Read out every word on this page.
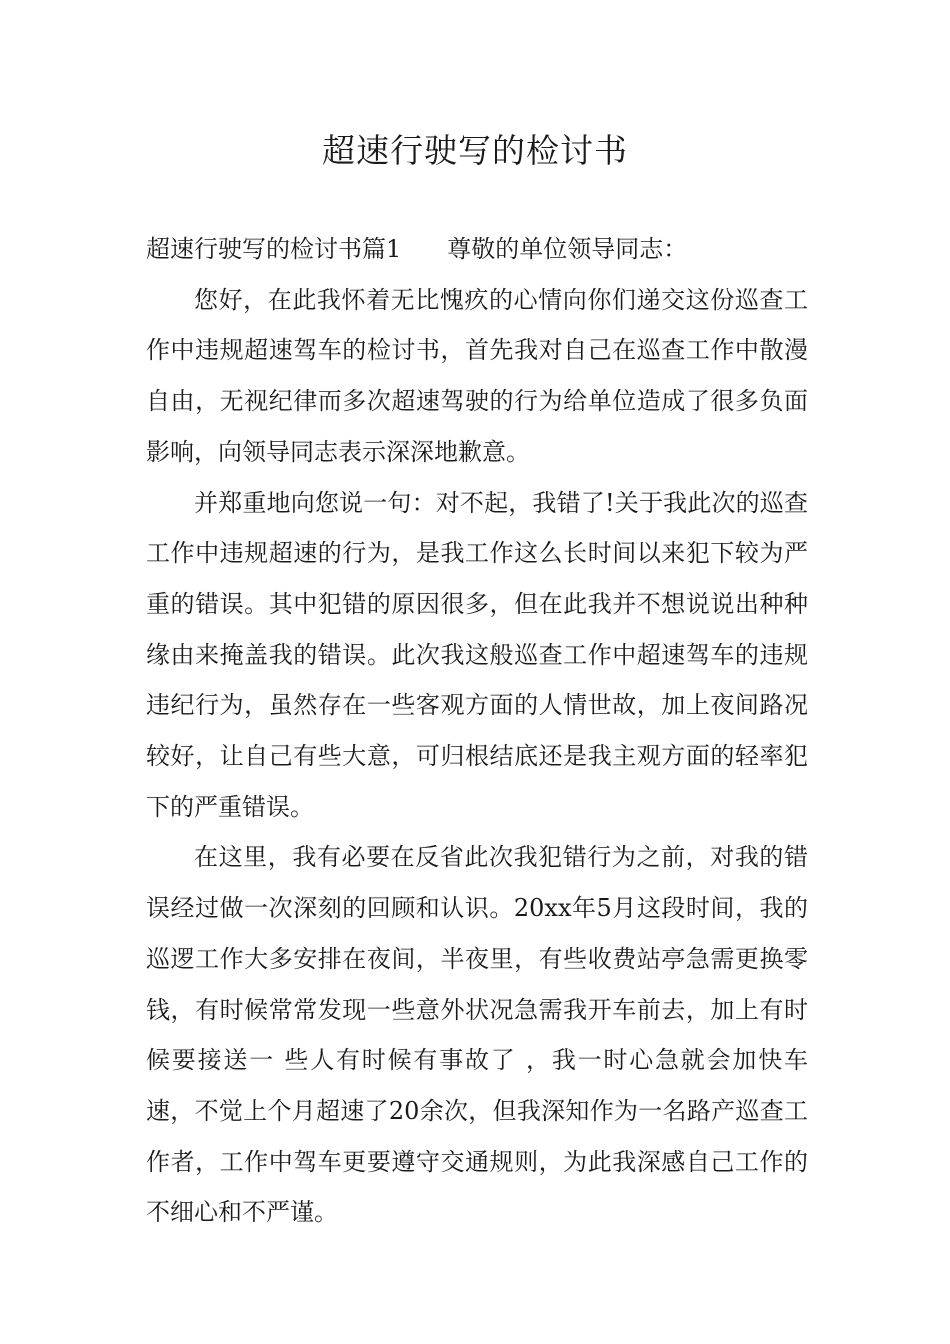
超速行驶写的检讨书

超速行驶写的检讨书篇1 尊敬的单位领导同志：

您好，在此我怀着无比愧疚的心情向你们递交这份巡查工作中违规超速驾车的检讨书，首先我对自己在巡查工作中散漫自由，无视纪律而多次超速驾驶的行为给单位造成了很多负面影响，向领导同志表示深深地歉意。

并郑重地向您说一句：对不起，我错了!关于我此次的巡查工作中违规超速的行为，是我工作这么长时间以来犯下较为严重的错误。其中犯错的原因很多，但在此我并不想说说出种种缘由来掩盖我的错误。此次我这般巡查工作中超速驾车的违规违纪行为，虽然存在一些客观方面的人情世故，加上夜间路况较好，让自己有些大意，可归根结底还是我主观方面的轻率犯下的严重错误。

在这里，我有必要在反省此次我犯错行为之前，对我的错误经过做一次深刻的回顾和认识。20xx年5月这段时间，我的巡逻工作大多安排在夜间，半夜里，有些收费站亭急需更换零钱，有时候常常发现一些意外状况急需我开车前去，加上有时候要接送一 些人有时候有事故了 ，我一时心急就会加快车速，不觉上个月超速了20余次，但我深知作为一名路产巡查工作者，工作中驾车更要遵守交通规则，为此我深感自己工作的不细心和不严谨。
